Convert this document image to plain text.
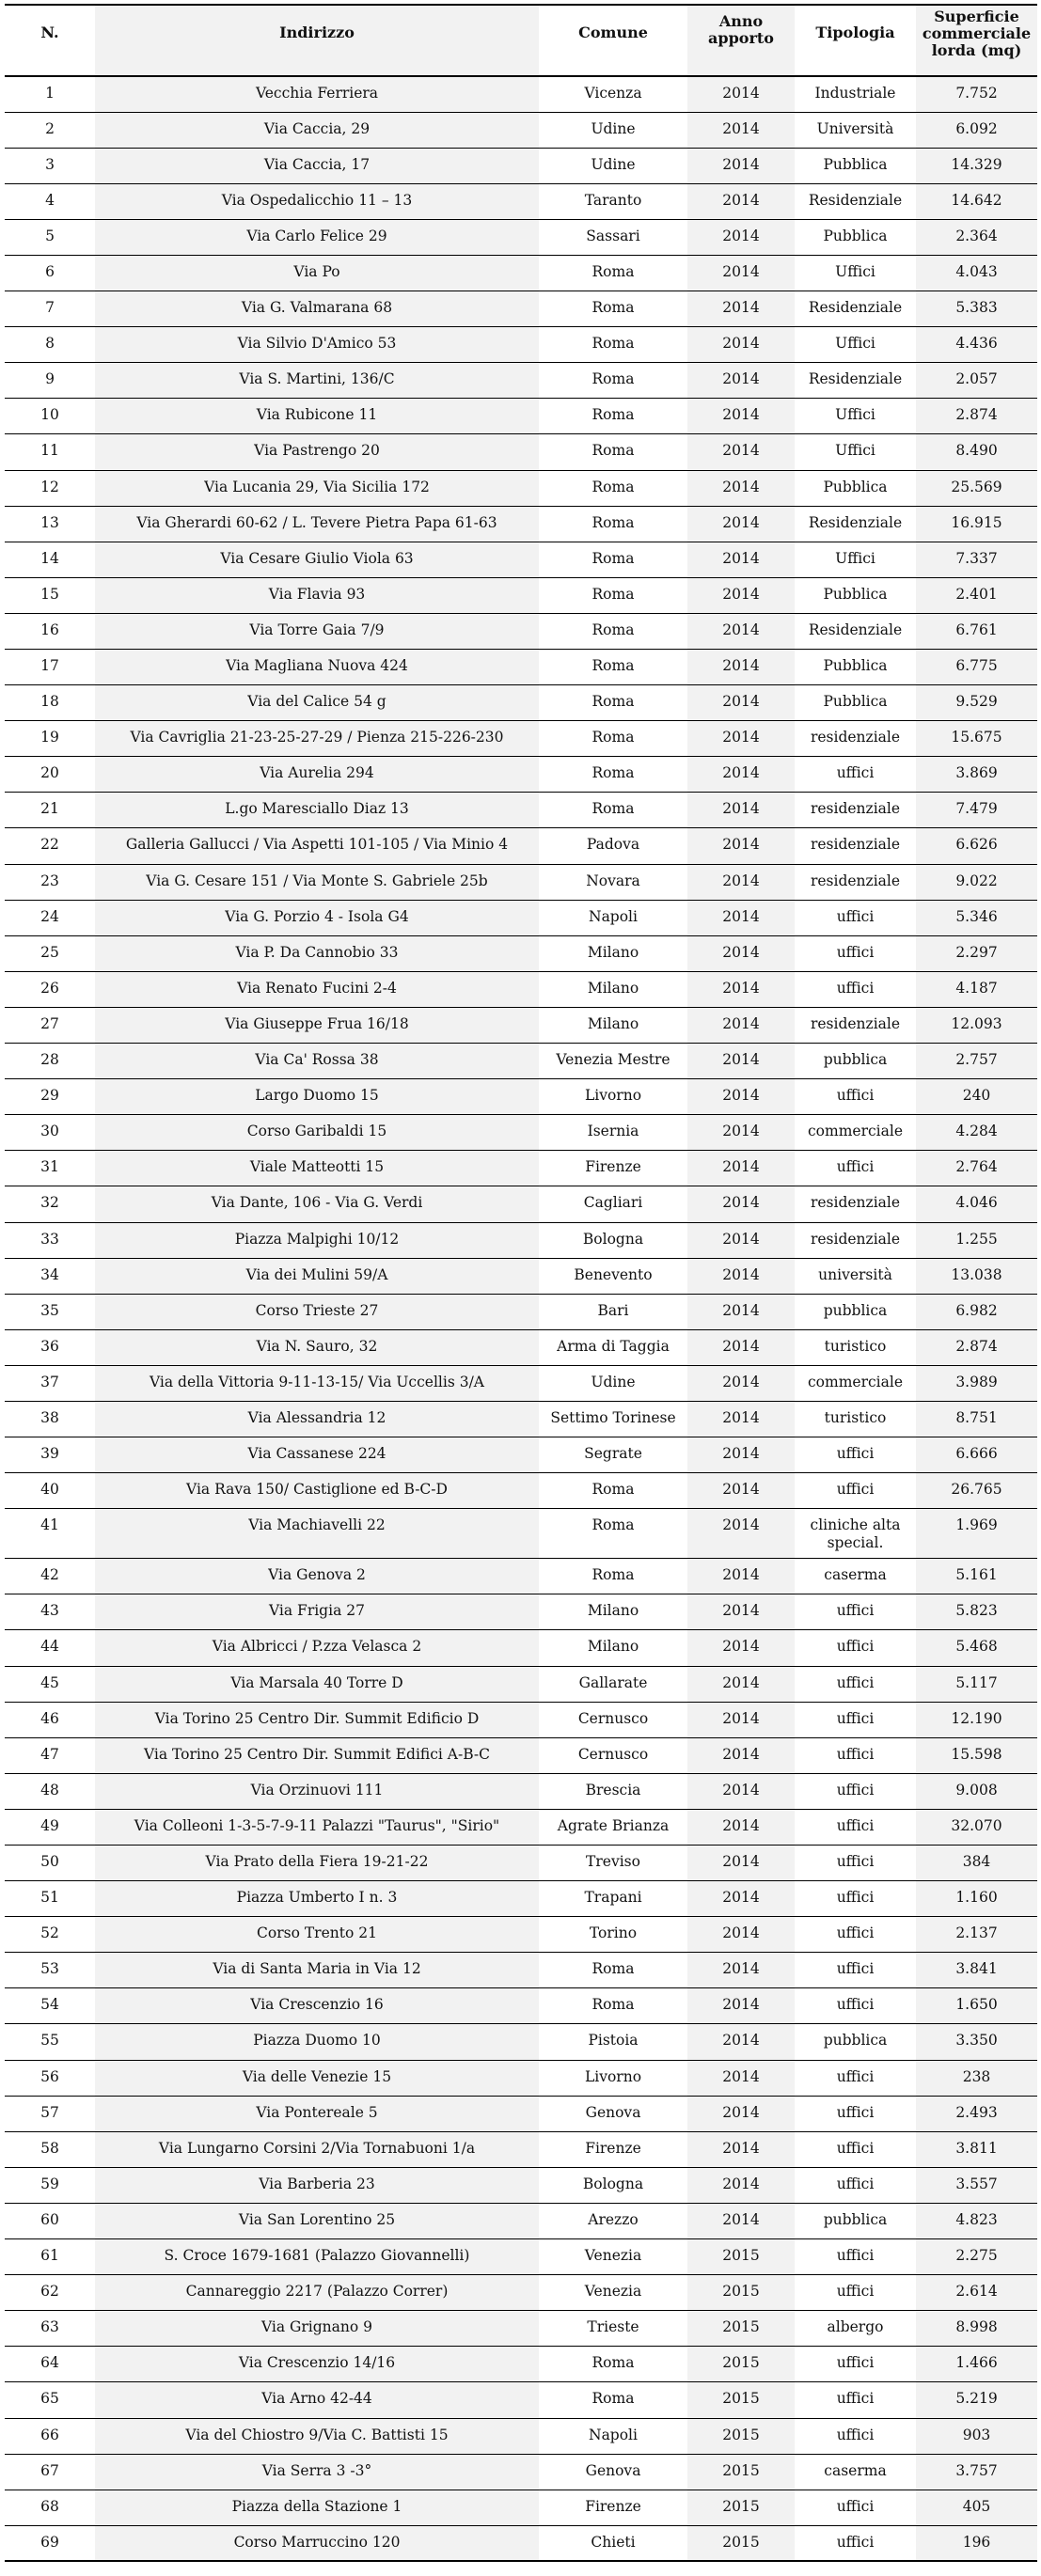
N.	Indirizzo	Comune	Anno apporto	Tipologia	Superficie commerciale lorda (mq)
1	Vecchia Ferriera	Vicenza	2014	Industriale	7.752
2	Via Caccia, 29	Udine	2014	Università	6.092
3	Via Caccia, 17	Udine	2014	Pubblica	14.329
4	Via Ospedalicchio 11 – 13	Taranto	2014	Residenziale	14.642
5	Via Carlo Felice 29	Sassari	2014	Pubblica	2.364
6	Via Po	Roma	2014	Uffici	4.043
7	Via G. Valmarana 68	Roma	2014	Residenziale	5.383
8	Via Silvio D'Amico 53	Roma	2014	Uffici	4.436
9	Via S. Martini, 136/C	Roma	2014	Residenziale	2.057
10	Via Rubicone 11	Roma	2014	Uffici	2.874
11	Via Pastrengo 20	Roma	2014	Uffici	8.490
12	Via Lucania 29, Via Sicilia 172	Roma	2014	Pubblica	25.569
13	Via Gherardi 60-62 / L. Tevere Pietra Papa 61-63	Roma	2014	Residenziale	16.915
14	Via Cesare Giulio Viola 63	Roma	2014	Uffici	7.337
15	Via Flavia 93	Roma	2014	Pubblica	2.401
16	Via Torre Gaia 7/9	Roma	2014	Residenziale	6.761
17	Via Magliana Nuova 424	Roma	2014	Pubblica	6.775
18	Via del Calice 54 g	Roma	2014	Pubblica	9.529
19	Via Cavriglia 21-23-25-27-29 / Pienza 215-226-230	Roma	2014	residenziale	15.675
20	Via Aurelia 294	Roma	2014	uffici	3.869
21	L.go Maresciallo Diaz 13	Roma	2014	residenziale	7.479
22	Galleria Gallucci / Via Aspetti 101-105 / Via Minio 4	Padova	2014	residenziale	6.626
23	Via G. Cesare 151 / Via Monte S. Gabriele 25b	Novara	2014	residenziale	9.022
24	Via G. Porzio 4 - Isola G4	Napoli	2014	uffici	5.346
25	Via P. Da Cannobio 33	Milano	2014	uffici	2.297
26	Via Renato Fucini 2-4	Milano	2014	uffici	4.187
27	Via Giuseppe Frua 16/18	Milano	2014	residenziale	12.093
28	Via Ca' Rossa 38	Venezia Mestre	2014	pubblica	2.757
29	Largo Duomo 15	Livorno	2014	uffici	240
30	Corso Garibaldi 15	Isernia	2014	commerciale	4.284
31	Viale Matteotti 15	Firenze	2014	uffici	2.764
32	Via Dante, 106 - Via G. Verdi	Cagliari	2014	residenziale	4.046
33	Piazza Malpighi 10/12	Bologna	2014	residenziale	1.255
34	Via dei Mulini 59/A	Benevento	2014	università	13.038
35	Corso Trieste 27	Bari	2014	pubblica	6.982
36	Via N. Sauro, 32	Arma di Taggia	2014	turistico	2.874
37	Via della Vittoria 9-11-13-15/ Via Uccellis 3/A	Udine	2014	commerciale	3.989
38	Via Alessandria 12	Settimo Torinese	2014	turistico	8.751
39	Via Cassanese 224	Segrate	2014	uffici	6.666
40	Via Rava 150/ Castiglione ed B-C-D	Roma	2014	uffici	26.765
41	Via Machiavelli 22	Roma	2014	cliniche alta special.	1.969
42	Via Genova 2	Roma	2014	caserma	5.161
43	Via Frigia 27	Milano	2014	uffici	5.823
44	Via Albricci / P.zza Velasca 2	Milano	2014	uffici	5.468
45	Via Marsala 40 Torre D	Gallarate	2014	uffici	5.117
46	Via Torino 25 Centro Dir. Summit Edificio D	Cernusco	2014	uffici	12.190
47	Via Torino 25 Centro Dir. Summit Edifici A-B-C	Cernusco	2014	uffici	15.598
48	Via Orzinuovi 111	Brescia	2014	uffici	9.008
49	Via Colleoni 1-3-5-7-9-11 Palazzi "Taurus", "Sirio"	Agrate Brianza	2014	uffici	32.070
50	Via Prato della Fiera 19-21-22	Treviso	2014	uffici	384
51	Piazza Umberto I n. 3	Trapani	2014	uffici	1.160
52	Corso Trento 21	Torino	2014	uffici	2.137
53	Via di Santa Maria in Via 12	Roma	2014	uffici	3.841
54	Via Crescenzio 16	Roma	2014	uffici	1.650
55	Piazza Duomo 10	Pistoia	2014	pubblica	3.350
56	Via delle Venezie 15	Livorno	2014	uffici	238
57	Via Pontereale 5	Genova	2014	uffici	2.493
58	Via Lungarno Corsini 2/Via Tornabuoni 1/a	Firenze	2014	uffici	3.811
59	Via Barberia 23	Bologna	2014	uffici	3.557
60	Via San Lorentino 25	Arezzo	2014	pubblica	4.823
61	S. Croce 1679-1681 (Palazzo Giovannelli)	Venezia	2015	uffici	2.275
62	Cannareggio 2217 (Palazzo Correr)	Venezia	2015	uffici	2.614
63	Via Grignano 9	Trieste	2015	albergo	8.998
64	Via Crescenzio 14/16	Roma	2015	uffici	1.466
65	Via Arno 42-44	Roma	2015	uffici	5.219
66	Via del Chiostro 9/Via C. Battisti 15	Napoli	2015	uffici	903
67	Via Serra 3 -3°	Genova	2015	caserma	3.757
68	Piazza della Stazione 1	Firenze	2015	uffici	405
69	Corso Marruccino 120	Chieti	2015	uffici	196
